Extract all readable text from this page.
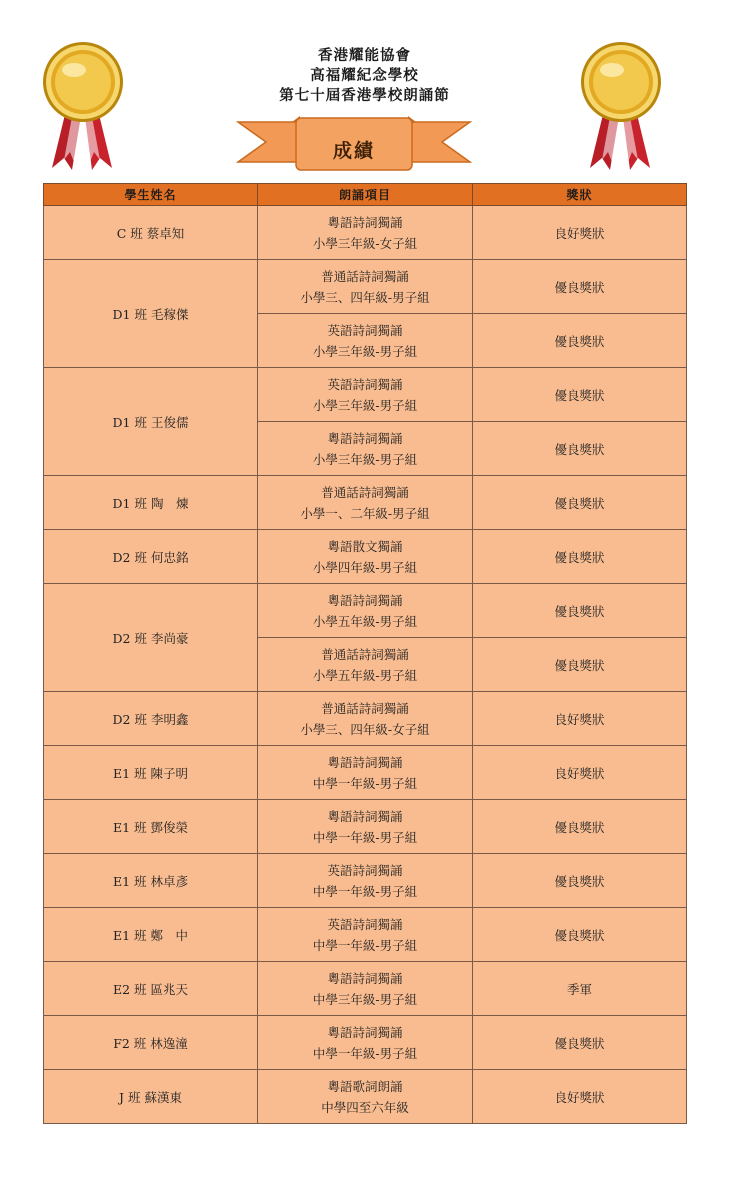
香港耀能協會
高福耀紀念學校
第七十屆香港學校朗誦節
成績
學生姓名	朗誦項目	獎狀
C 班 蔡卓知	粵語詩詞獨誦
小學三年級-女子組	良好獎狀
D1 班 毛稼傑	普通話詩詞獨誦
小學三、四年級-男子組	優良獎狀

	英語詩詞獨誦
小學三年級-男子組	優良獎狀
D1 班 王俊儒	英語詩詞獨誦
小學三年級-男子組	優良獎狀

	粵語詩詞獨誦
小學三年級-男子組	優良獎狀
D1 班 陶　煉	普通話詩詞獨誦
小學一、二年級-男子組	優良獎狀
D2 班 何忠銘	粵語散文獨誦
小學四年級-男子組	優良獎狀
D2 班 李尚豪	粵語詩詞獨誦
小學五年級-男子組	優良獎狀

	普通話詩詞獨誦
小學五年級-男子組	優良獎狀
D2 班 李明鑫	普通話詩詞獨誦
小學三、四年級-女子組	良好獎狀
E1 班 陳子明	粵語詩詞獨誦
中學一年級-男子組	良好獎狀
E1 班 鄧俊榮	粵語詩詞獨誦
中學一年級-男子組	優良獎狀
E1 班 林卓彥	英語詩詞獨誦
中學一年級-男子組	優良獎狀
E1 班 鄭　中	英語詩詞獨誦
中學一年級-男子組	優良獎狀
E2 班 區兆天	粵語詩詞獨誦
中學三年級-男子組	季軍
F2 班 林逸潼	粵語詩詞獨誦
中學一年級-男子組	優良獎狀
J 班 蘇漢東	粵語歌詞朗誦
中學四至六年級	良好獎狀
